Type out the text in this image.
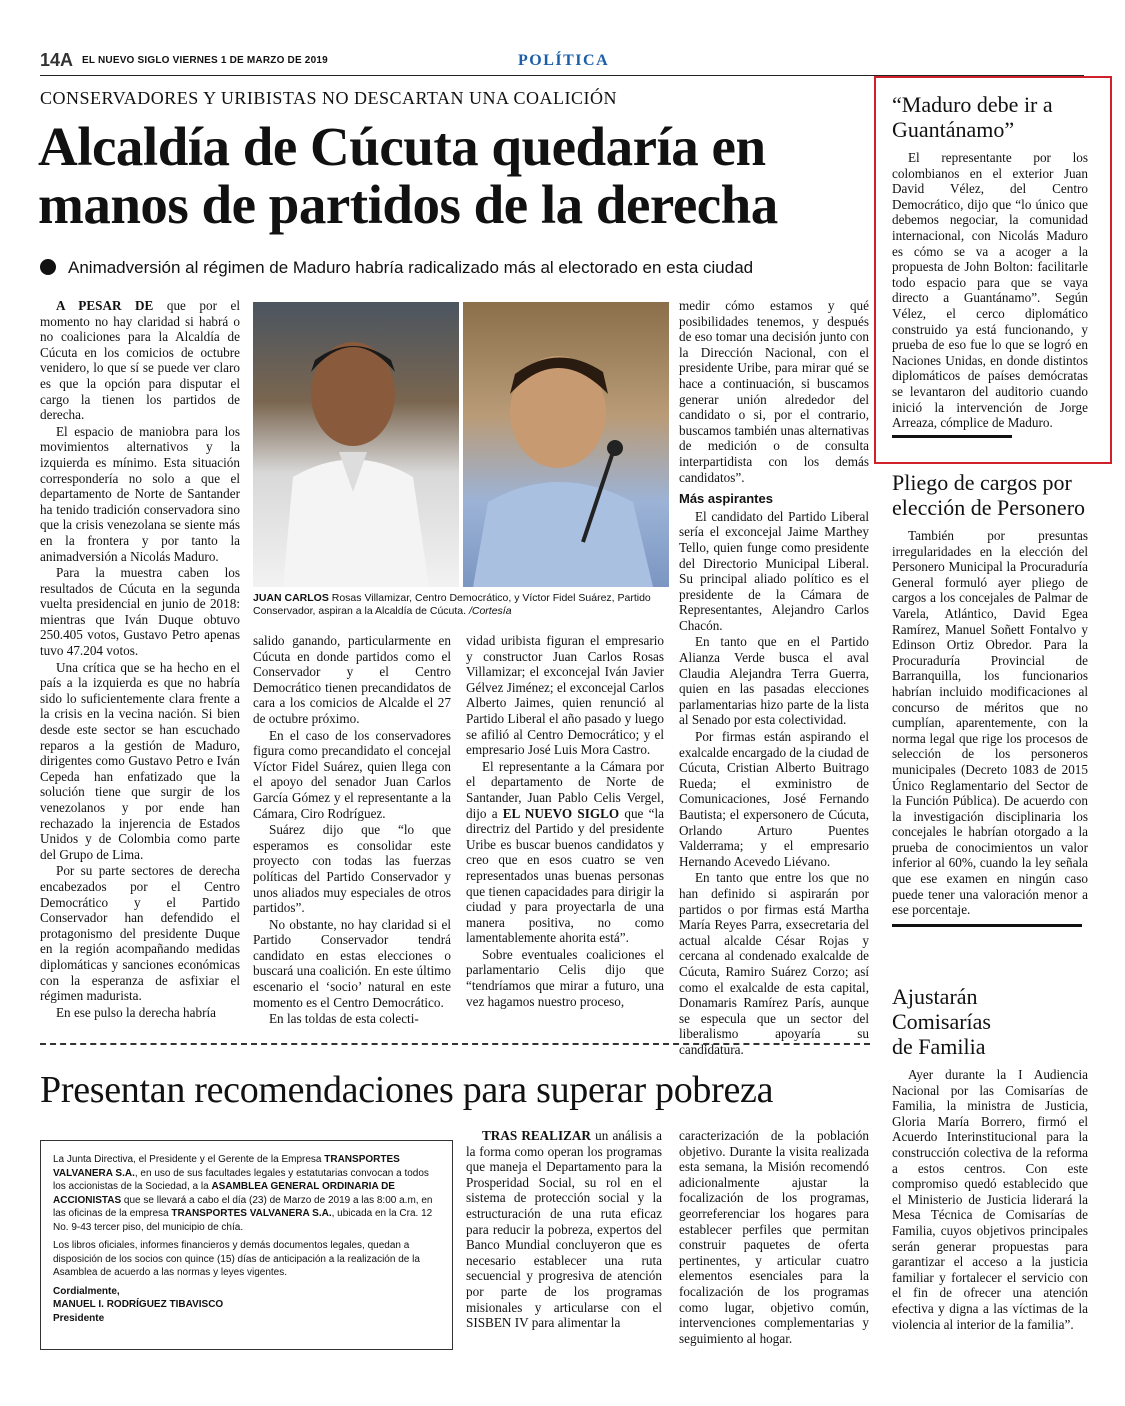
14A EL NUEVO SIGLO VIERNES 1 DE MARZO DE 2019	POLÍTICA
CONSERVADORES Y URIBISTAS NO DESCARTAN UNA COALICIÓN
Alcaldía de Cúcuta quedaría en manos de partidos de la derecha
Animadversión al régimen de Maduro habría radicalizado más al electorado en esta ciudad

A PESAR DE que por el momento no hay claridad si habrá o no coaliciones para la Alcaldía de Cúcuta en los comicios de octubre venidero, lo que sí se puede ver claro es que la opción para disputar el cargo la tienen los partidos de derecha.

El espacio de maniobra para los movimientos alternativos y la izquierda es mínimo. Esta situación correspondería no solo a que el departamento de Norte de Santander ha tenido tradición conservadora sino que la crisis venezolana se siente más en la frontera y por tanto la animadversión a Nicolás Maduro.

Para la muestra caben los resultados de Cúcuta en la segunda vuelta presidencial en junio de 2018: mientras que Iván Duque obtuvo 250.405 votos, Gustavo Petro apenas tuvo 47.204 votos.

Una crítica que se ha hecho en el país a la izquierda es que no habría sido lo suficientemente clara frente a la crisis en la vecina nación. Si bien desde este sector se han escuchado reparos a la gestión de Maduro, dirigentes como Gustavo Petro e Iván Cepeda han enfatizado que la solución tiene que surgir de los venezolanos y por ende han rechazado la injerencia de Estados Unidos y de Colombia como parte del Grupo de Lima.

Por su parte sectores de derecha encabezados por el Centro Democrático y el Partido Conservador han defendido el protagonismo del presidente Duque en la región acompañando medidas diplomáticas y sanciones económicas con la esperanza de asfixiar el régimen madurista.

En ese pulso la derecha habría

JUAN CARLOS Rosas Villamizar, Centro Democrático, y Víctor Fidel Suárez, Partido Conservador, aspiran a la Alcaldía de Cúcuta. /Cortesía

salido ganando, particularmente en Cúcuta en donde partidos como el Conservador y el Centro Democrático tienen precandidatos de cara a los comicios de Alcalde el 27 de octubre próximo.

En el caso de los conservadores figura como precandidato el concejal Víctor Fidel Suárez, quien llega con el apoyo del senador Juan Carlos García Gómez y el representante a la Cámara, Ciro Rodríguez.

Suárez dijo que “lo que esperamos es consolidar este proyecto con todas las fuerzas políticas del Partido Conservador y unos aliados muy especiales de otros partidos”.

No obstante, no hay claridad si el Partido Conservador tendrá candidato en estas elecciones o buscará una coalición. En este último escenario el ‘socio’ natural en este momento es el Centro Democrático.

En las toldas de esta colecti-

vidad uribista figuran el empresario y constructor Juan Carlos Rosas Villamizar; el exconcejal Iván Javier Gélvez Jiménez; el exconcejal Carlos Alberto Jaimes, quien renunció al Partido Liberal el año pasado y luego se afilió al Centro Democrático; y el empresario José Luis Mora Castro.

El representante a la Cámara por el departamento de Norte de Santander, Juan Pablo Celis Vergel, dijo a EL NUEVO SIGLO que “la directriz del Partido y del presidente Uribe es buscar buenos candidatos y creo que en esos cuatro se ven representados unas buenas personas que tienen capacidades para dirigir la ciudad y para proyectarla de una manera positiva, no como lamentablemente ahorita está”.

Sobre eventuales coaliciones el parlamentario Celis dijo que “tendríamos que mirar a futuro, una vez hagamos nuestro proceso,

medir cómo estamos y qué posibilidades tenemos, y después de eso tomar una decisión junto con la Dirección Nacional, con el presidente Uribe, para mirar qué se hace a continuación, si buscamos generar unión alrededor del candidato o si, por el contrario, buscamos también unas alternativas de medición o de consulta interpartidista con los demás candidatos”.

Más aspirantes

El candidato del Partido Liberal sería el exconcejal Jaime Marthey Tello, quien funge como presidente del Directorio Municipal Liberal. Su principal aliado político es el presidente de la Cámara de Representantes, Alejandro Carlos Chacón.

En tanto que en el Partido Alianza Verde busca el aval Claudia Alejandra Terra Guerra, quien en las pasadas elecciones parlamentarias hizo parte de la lista al Senado por esta colectividad.

Por firmas están aspirando el exalcalde encargado de la ciudad de Cúcuta, Cristian Alberto Buitrago Rueda; el exministro de Comunicaciones, José Fernando Bautista; el expersonero de Cúcuta, Orlando Arturo Puentes Valderrama; y el empresario Hernando Acevedo Liévano.

En tanto que entre los que no han definido si aspirarán por partidos o por firmas está Martha María Reyes Parra, exsecretaria del actual alcalde César Rojas y cercana al condenado exalcalde de Cúcuta, Ramiro Suárez Corzo; así como el exalcalde de esta capital, Donamaris Ramírez París, aunque se especula que un sector del liberalismo apoyaría su candidatura.

Presentan recomendaciones para superar pobreza

La Junta Directiva, el Presidente y el Gerente de la Empresa TRANSPORTES VALVANERA S.A., en uso de sus facultades legales y estatutarias convocan a todos los accionistas de la Sociedad, a la ASAMBLEA GENERAL ORDINARIA DE ACCIONISTAS que se llevará a cabo el día (23) de Marzo de 2019 a las 8:00 a.m, en las oficinas de la empresa TRANSPORTES VALVANERA S.A., ubicada en la Cra. 12 No. 9-43 tercer piso, del municipio de chía.

Los libros oficiales, informes financieros y demás documentos legales, quedan a disposición de los socios con quince (15) días de anticipación a la realización de la Asamblea de acuerdo a las normas y leyes vigentes.

Cordialmente,

MANUEL I. RODRÍGUEZ TIBAVISCO

Presidente

TRAS REALIZAR un análisis a la forma como operan los programas que maneja el Departamento para la Prosperidad Social, su rol en el sistema de protección social y la estructuración de una ruta eficaz para reducir la pobreza, expertos del Banco Mundial concluyeron que es necesario establecer una ruta secuencial y progresiva de atención por parte de los programas misionales y articularse con el SISBEN IV para alimentar la

caracterización de la población objetivo. Durante la visita realizada esta semana, la Misión recomendó adicionalmente ajustar la focalización de los programas, georreferenciar los hogares para establecer perfiles que permitan construir paquetes de oferta pertinentes, y articular cuatro elementos esenciales para la focalización de los programas como lugar, objetivo común, intervenciones complementarias y seguimiento al hogar.

“Maduro debe ir a Guantánamo”
El representante por los colombianos en el exterior Juan David Vélez, del Centro Democrático, dijo que “lo único que debemos negociar, la comunidad internacional, con Nicolás Maduro es cómo se va a acoger a la propuesta de John Bolton: facilitarle todo espacio para que se vaya directo a Guantánamo”. Según Vélez, el cerco diplomático construido ya está funcionando, y prueba de eso fue lo que se logró en Naciones Unidas, en donde distintos diplomáticos de países demócratas se levantaron del auditorio cuando inició la intervención de Jorge Arreaza, cómplice de Maduro.
Pliego de cargos por elección de Personero
También por presuntas irregularidades en la elección del Personero Municipal la Procuraduría General formuló ayer pliego de cargos a los concejales de Palmar de Varela, Atlántico, David Egea Ramírez, Manuel Soñett Fontalvo y Edinson Ortiz Obredor. Para la Procuraduría Provincial de Barranquilla, los funcionarios habrían incluido modificaciones al concurso de méritos que no cumplían, aparentemente, con la norma legal que rige los procesos de selección de los personeros municipales (Decreto 1083 de 2015 Único Reglamentario del Sector de la Función Pública). De acuerdo con la investigación disciplinaria los concejales le habrían otorgado a la prueba de conocimientos un valor inferior al 60%, cuando la ley señala que ese examen en ningún caso puede tener una valoración menor a ese porcentaje.
Ajustarán Comisarías de Familia
Ayer durante la I Audiencia Nacional por las Comisarías de Familia, la ministra de Justicia, Gloria María Borrero, firmó el Acuerdo Interinstitucional para la construcción colectiva de la reforma a estos centros. Con este compromiso quedó establecido que el Ministerio de Justicia liderará la Mesa Técnica de Comisarías de Familia, cuyos objetivos principales serán generar propuestas para garantizar el acceso a la justicia familiar y fortalecer el servicio con el fin de ofrecer una atención efectiva y digna a las víctimas de la violencia al interior de la familia”.
